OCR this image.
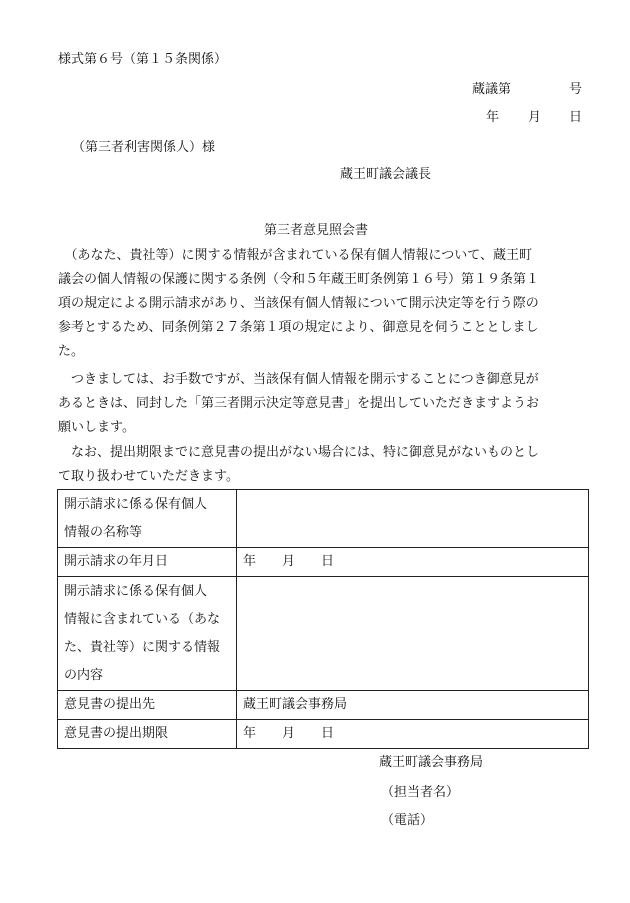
様式第６号（第１５条関係）
蔵議第	号
年 月 日
（第三者利害関係人）様
蔵王町議会議長
第三者意見照会書
　（あなた、貴社等）に関する情報が含まれている保有個人情報について、蔵王町
議会の個人情報の保護に関する条例（令和５年蔵王町条例第１６号）第１９条第１
項の規定による開示請求があり、当該保有個人情報について開示決定等を行う際の
参考とするため、同条例第２７条第１項の規定により、御意見を伺うこととしまし
た。
　つきましては、お手数ですが、当該保有個人情報を開示することにつき御意見が
あるときは、同封した「第三者開示決定等意見書」を提出していただきますようお
願いします。
　なお、提出期限までに意見書の提出がない場合には、特に御意見がないものとし
て取り扱わせていただきます。
開示請求に係る保有個人
情報の名称等	

開示請求の年月日	年 月 日

開示請求に係る保有個人
情報に含まれている（あな
た、貴社等）に関する情報
の内容	

意見書の提出先	蔵王町議会事務局
意見書の提出期限	年 月 日
蔵王町議会事務局
（担当者名）
（電話）
